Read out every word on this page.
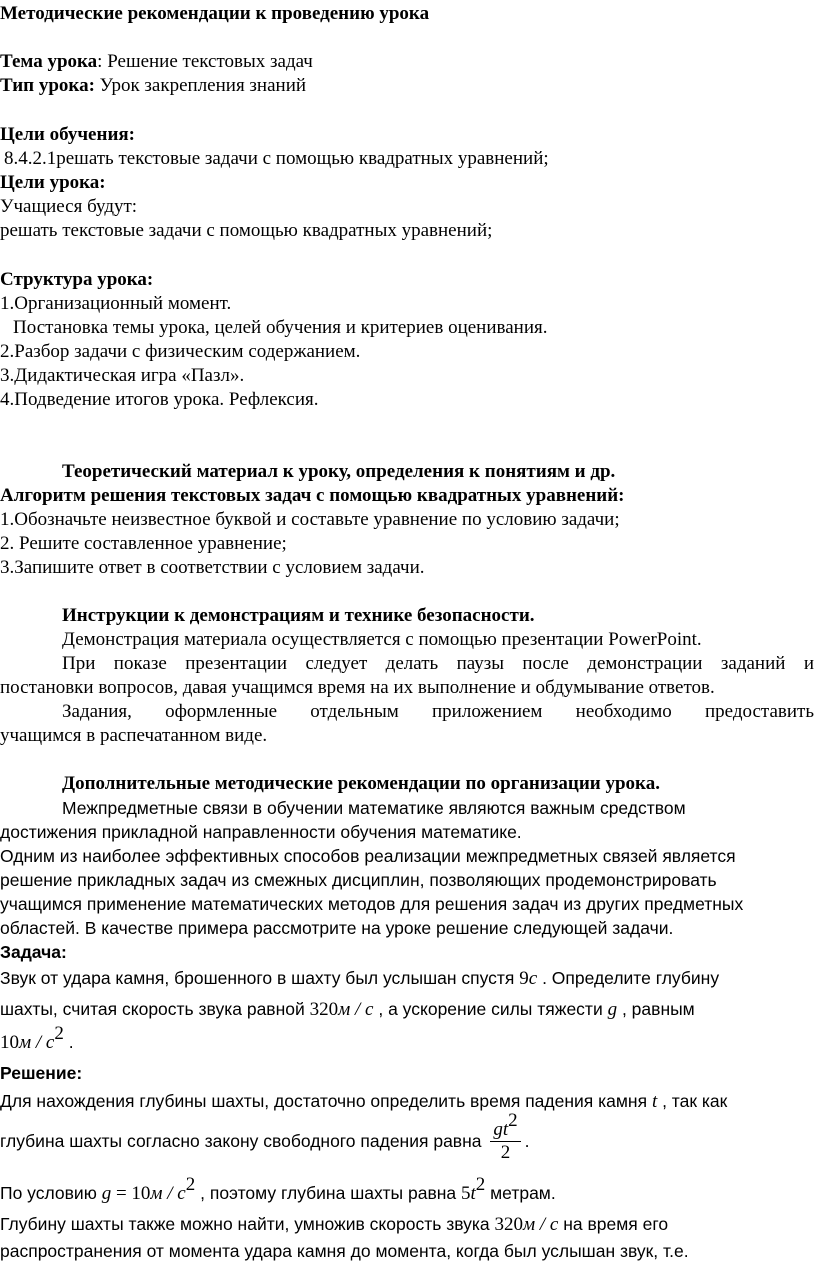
Методические рекомендации к проведению урока
Тема урока: Решение текстовых задач
Тип урока: Урок закрепления знаний
Цели обучения:
8.4.2.1решать текстовые задачи с помощью квадратных уравнений;
Цели урока:
Учащиеся будут:
решать текстовые задачи с помощью квадратных уравнений;
Структура урока:
1.Организационный момент.
Постановка темы урока, целей обучения и критериев оценивания.
2.Разбор задачи с физическим содержанием.
3.Дидактическая игра «Пазл».
4.Подведение итогов урока. Рефлексия.
Теоретический материал к уроку, определения к понятиям и др.
Алгоритм решения текстовых задач с помощью квадратных уравнений:
1.Обозначьте неизвестное буквой и составьте уравнение по условию задачи;
2. Решите составленное уравнение;
3.Запишите ответ в соответствии с условием задачи.
Инструкции к демонстрациям и технике безопасности.
Демонстрация материала осуществляется с помощью презентации PowerPoint.
При показе презентации следует делать паузы после демонстрации заданий и
постановки вопросов, давая учащимся время на их выполнение и обдумывание ответов.
Задания, оформленные отдельным приложением необходимо предоставить
учащимся в распечатанном виде.
Дополнительные методические рекомендации по организации урока.
Межпредметные связи в обучении математике являются важным средством
достижения прикладной направленности обучения математике.
Одним из наиболее эффективных способов реализации межпредметных связей является
решение прикладных задач из смежных дисциплин, позволяющих продемонстрировать
учащимся применение математических методов для решения задач из других предметных
областей. В качестве примера рассмотрите на уроке решение следующей задачи.
Задача:
Звук от удара камня, брошенного в шахту был услышан спустя 9с . Определите глубину
шахты, считая скорость звука равной 320м / с , а ускорение силы тяжести g , равным
$10м / с^2$ .
Решение:
Для нахождения глубины шахты, достаточно определить время падения камня t , так как
глубина шахты согласно закону свободного падения равна $\frac{gt^2}{2}$ .
По условию $g = 10м / с^2$ , поэтому глубина шахты равна $5t^2$ метрам.
Глубину шахты также можно найти, умножив скорость звука 320м / с на время его
распространения от момента удара камня до момента, когда был услышан звук, т.е.
